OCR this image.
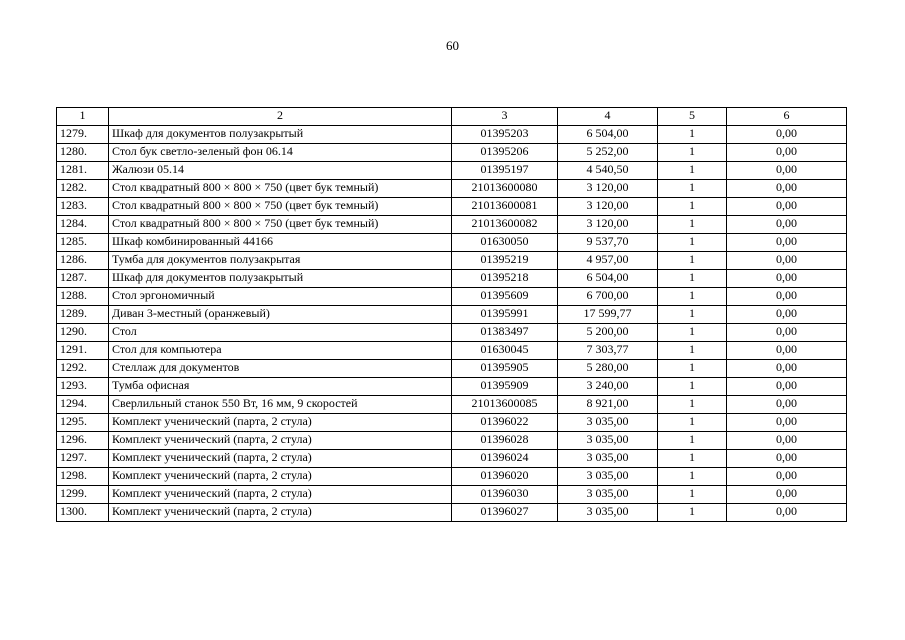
60
1	2	3	4	5	6
1279.	Шкаф для документов полузакрытый	01395203	6 504,00	1	0,00
1280.	Стол бук светло-зеленый фон 06.14	01395206	5 252,00	1	0,00
1281.	Жалюзи 05.14	01395197	4 540,50	1	0,00
1282.	Стол квадратный 800 × 800 × 750 (цвет бук темный)	21013600080	3 120,00	1	0,00
1283.	Стол квадратный 800 × 800 × 750 (цвет бук темный)	21013600081	3 120,00	1	0,00
1284.	Стол квадратный 800 × 800 × 750 (цвет бук темный)	21013600082	3 120,00	1	0,00
1285.	Шкаф комбинированный 44166	01630050	9 537,70	1	0,00
1286.	Тумба для документов полузакрытая	01395219	4 957,00	1	0,00
1287.	Шкаф для документов полузакрытый	01395218	6 504,00	1	0,00
1288.	Стол эргономичный	01395609	6 700,00	1	0,00
1289.	Диван 3-местный (оранжевый)	01395991	17 599,77	1	0,00
1290.	Стол	01383497	5 200,00	1	0,00
1291.	Стол для компьютера	01630045	7 303,77	1	0,00
1292.	Стеллаж для документов	01395905	5 280,00	1	0,00
1293.	Тумба офисная	01395909	3 240,00	1	0,00
1294.	Сверлильный станок 550 Вт, 16 мм, 9 скоростей	21013600085	8 921,00	1	0,00
1295.	Комплект ученический (парта, 2 стула)	01396022	3 035,00	1	0,00
1296.	Комплект ученический (парта, 2 стула)	01396028	3 035,00	1	0,00
1297.	Комплект ученический (парта, 2 стула)	01396024	3 035,00	1	0,00
1298.	Комплект ученический (парта, 2 стула)	01396020	3 035,00	1	0,00
1299.	Комплект ученический (парта, 2 стула)	01396030	3 035,00	1	0,00
1300.	Комплект ученический (парта, 2 стула)	01396027	3 035,00	1	0,00
